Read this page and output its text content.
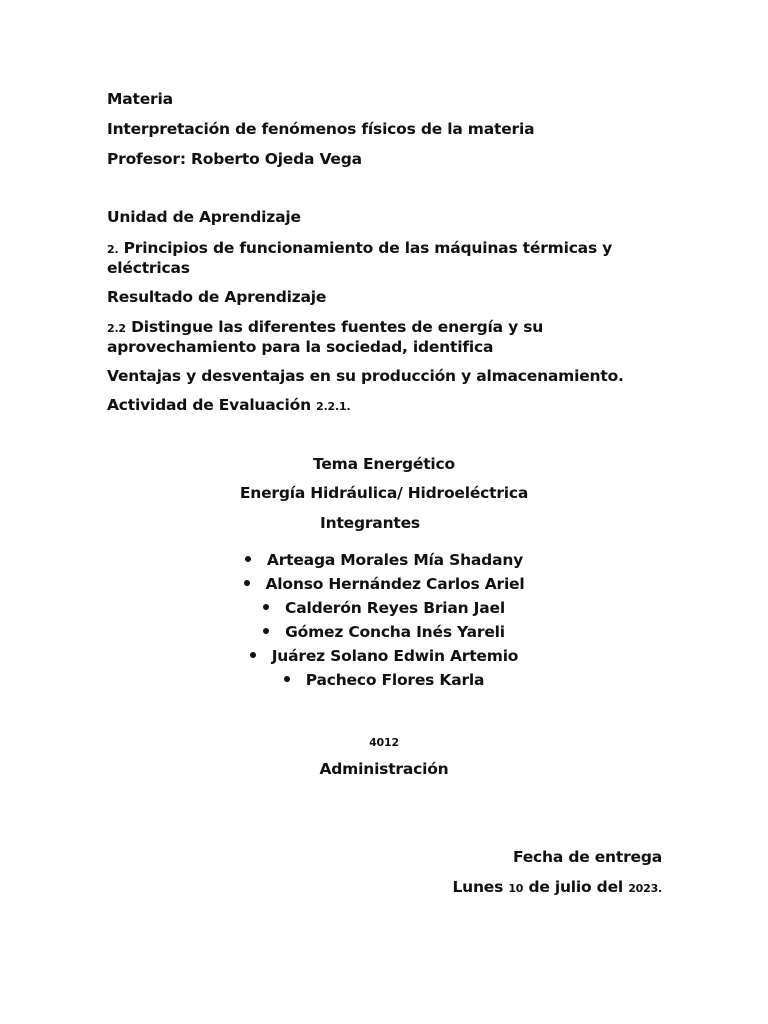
Materia
Interpretación de fenómenos físicos de la materia
Profesor: Roberto Ojeda Vega
Unidad de Aprendizaje
2. Principios de funcionamiento de las máquinas térmicas y eléctricas
Resultado de Aprendizaje
2.2 Distingue las diferentes fuentes de energía y su aprovechamiento para la sociedad, identifica
Ventajas y desventajas en su producción y almacenamiento.
Actividad de Evaluación 2.2.1.
Tema Energético
Energía Hidráulica/ Hidroeléctrica
Integrantes
Arteaga Morales Mía Shadany
Alonso Hernández Carlos Ariel
Calderón Reyes Brian Jael
Gómez Concha Inés Yareli
Juárez Solano Edwin Artemio
Pacheco Flores Karla
4012
Administración
Fecha de entrega
Lunes 10 de julio del 2023.
